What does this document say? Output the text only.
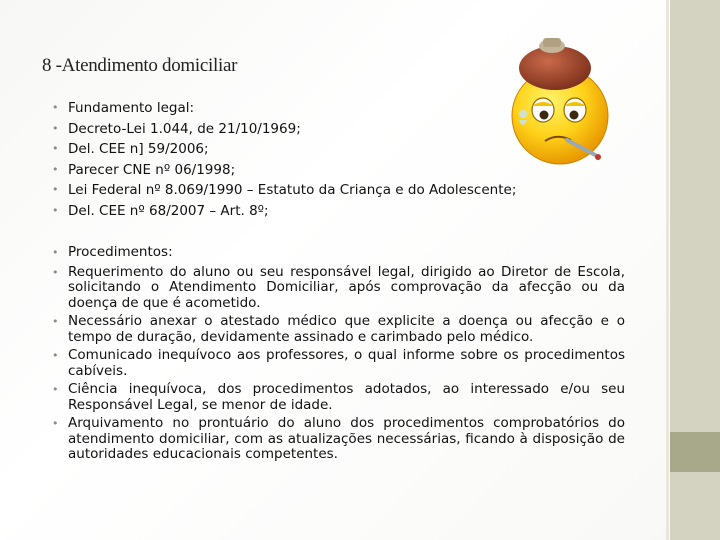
8 -Atendimento domiciliar
• Fundamento legal:
• Decreto-Lei 1.044, de 21/10/1969;
• Del. CEE n] 59/2006;
• Parecer CNE nº 06/1998;
• Lei Federal nº 8.069/1990 – Estatuto da Criança e do Adolescente;
• Del. CEE nº 68/2007 – Art. 8º;
• Procedimentos:
• Requerimento do aluno ou seu responsável legal, dirigido ao Diretor de Escola, solicitando o Atendimento Domiciliar, após comprovação da afecção ou da doença de que é acometido.
• Necessário anexar o atestado médico que explicite a doença ou afecção e o tempo de duração, devidamente assinado e carimbado pelo médico.
• Comunicado inequívoco aos professores, o qual informe sobre os procedimentos cabíveis.
• Ciência inequívoca, dos procedimentos adotados, ao interessado e/ou seu Responsável Legal, se menor de idade.
• Arquivamento no prontuário do aluno dos procedimentos comprobatórios do atendimento domiciliar, com as atualizações necessárias, ficando à disposição de autoridades educacionais competentes.
